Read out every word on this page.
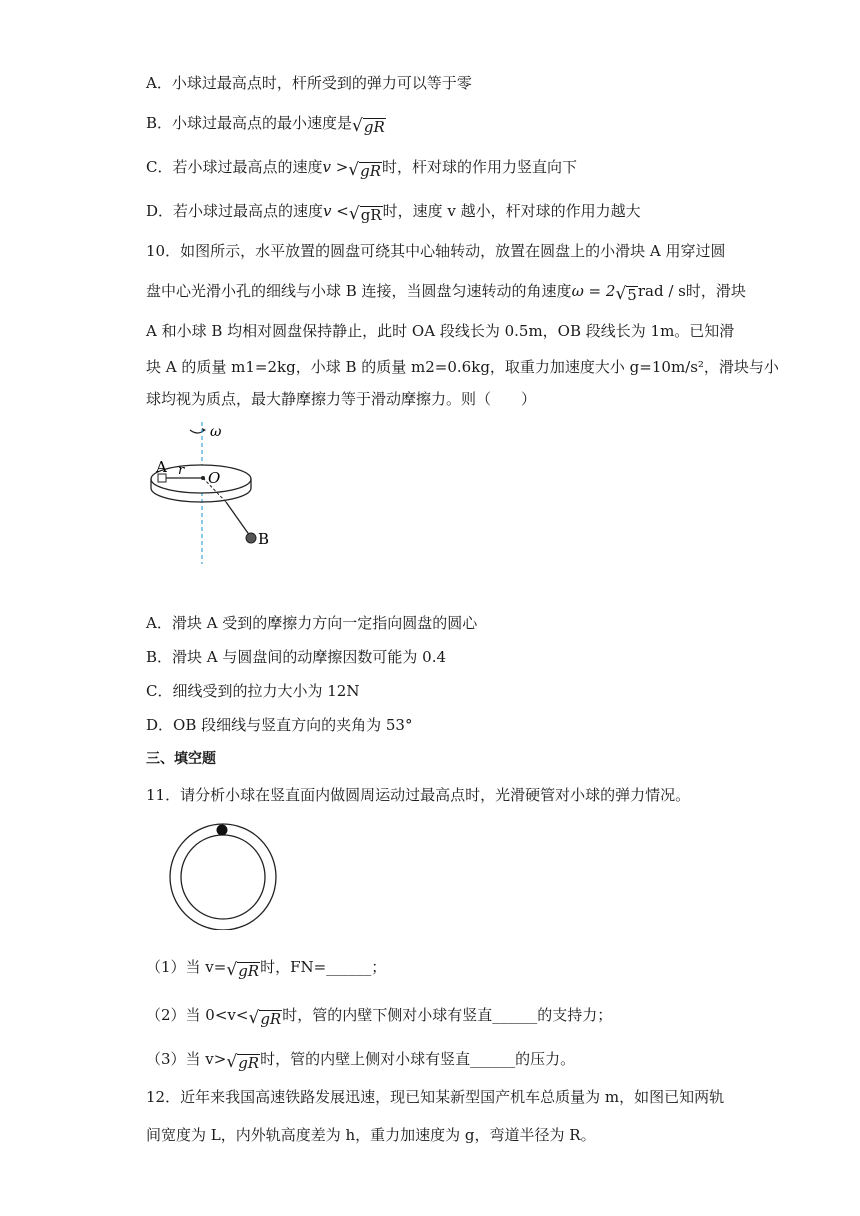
A．小球过最高点时，杆所受到的弹力可以等于零
B．小球过最高点的最小速度是 √ gR
C．若小球过最高点的速度v > √ gR 时，杆对球的作用力竖直向下
D．若小球过最高点的速度v < √ gR 时，速度 v 越小，杆对球的作用力越大
10．如图所示，水平放置的圆盘可绕其中心轴转动，放置在圆盘上的小滑块 A 用穿过圆
盘中心光滑小孔的细线与小球 B 连接，当圆盘匀速转动的角速度ω = 2 √ 5 rad / s时，滑块
A 和小球 B 均相对圆盘保持静止，此时 OA 段线长为 0.5m，OB 段线长为 1m。已知滑
块 A 的质量 m1=2kg，小球 B 的质量 m2=0.6kg，取重力加速度大小 g=10m/s²，滑块与小
球均视为质点，最大静摩擦力等于滑动摩擦力。则（　　）
ω
A r O
B
A．滑块 A 受到的摩擦力方向一定指向圆盘的圆心
B．滑块 A 与圆盘间的动摩擦因数可能为 0.4
C．细线受到的拉力大小为 12N
D．OB 段细线与竖直方向的夹角为 53°
三、填空题
11．请分析小球在竖直面内做圆周运动过最高点时，光滑硬管对小球的弹力情况。
（1）当 v= √ gR 时，FN=______；
（2）当 0<v< √ gR 时，管的内壁下侧对小球有竖直______的支持力；
（3）当 v> √ gR 时，管的内壁上侧对小球有竖直______的压力。
12．近年来我国高速铁路发展迅速，现已知某新型国产机车总质量为 m，如图已知两轨
间宽度为 L，内外轨高度差为 h，重力加速度为 g，弯道半径为 R。
